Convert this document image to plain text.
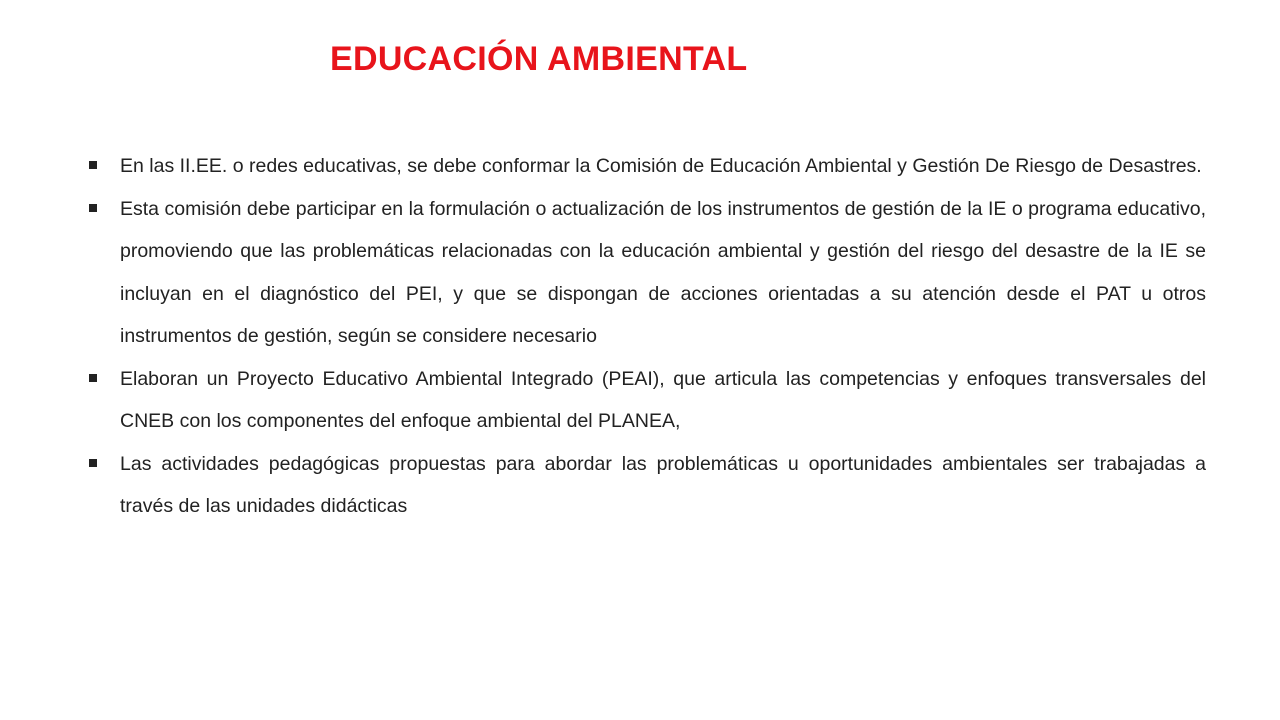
EDUCACIÓN AMBIENTAL
En las II.EE. o redes educativas, se debe conformar la Comisión de Educación Ambiental y Gestión De Riesgo de Desastres.
Esta comisión debe participar en la formulación o actualización de los instrumentos de gestión de la IE o programa educativo, promoviendo que las problemáticas relacionadas con la educación ambiental y gestión del riesgo del desastre de la IE se incluyan en el diagnóstico del PEI, y que se dispongan de acciones orientadas a su atención desde el PAT u otros instrumentos de gestión, según se considere necesario
Elaboran un Proyecto Educativo Ambiental Integrado (PEAI), que articula las competencias y enfoques transversales del CNEB con los componentes del enfoque ambiental del PLANEA,
Las actividades pedagógicas propuestas para abordar las problemáticas u oportunidades ambientales ser trabajadas a través de las unidades didácticas
